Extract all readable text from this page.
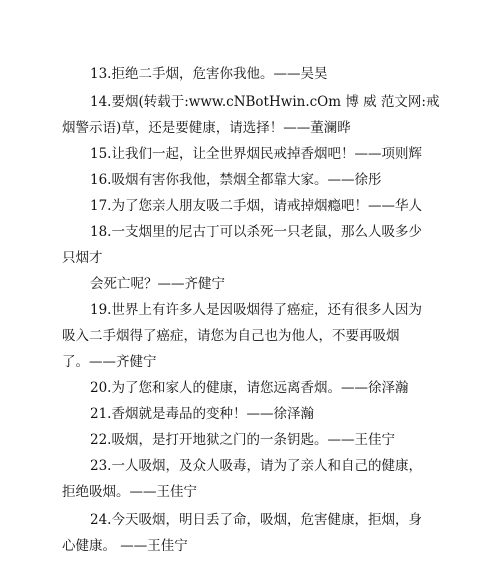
13.拒绝二手烟，危害你我他。——吴昊
14.要烟(转载于:www.cNBotHwin.cOm 博 威 范文网:戒
烟警示语)草，还是要健康，请选择！——董澜晔
15.让我们一起，让全世界烟民戒掉香烟吧！——项则辉
16.吸烟有害你我他，禁烟全都靠大家。——徐彤
17.为了您亲人朋友吸二手烟，请戒掉烟瘾吧！——华人
18.一支烟里的尼古丁可以杀死一只老鼠，那么人吸多少
只烟才
会死亡呢？——齐健宁
19.世界上有许多人是因吸烟得了癌症，还有很多人因为
吸入二手烟得了癌症，请您为自己也为他人，不要再吸烟
了。——齐健宁
20.为了您和家人的健康，请您远离香烟。——徐泽瀚
21.香烟就是毒品的变种！——徐泽瀚
22.吸烟，是打开地狱之门的一条钥匙。——王佳宁
23.一人吸烟，及众人吸毒，请为了亲人和自己的健康，
拒绝吸烟。——王佳宁
24.今天吸烟，明日丢了命，吸烟，危害健康，拒烟，身
心健康。 ——王佳宁
